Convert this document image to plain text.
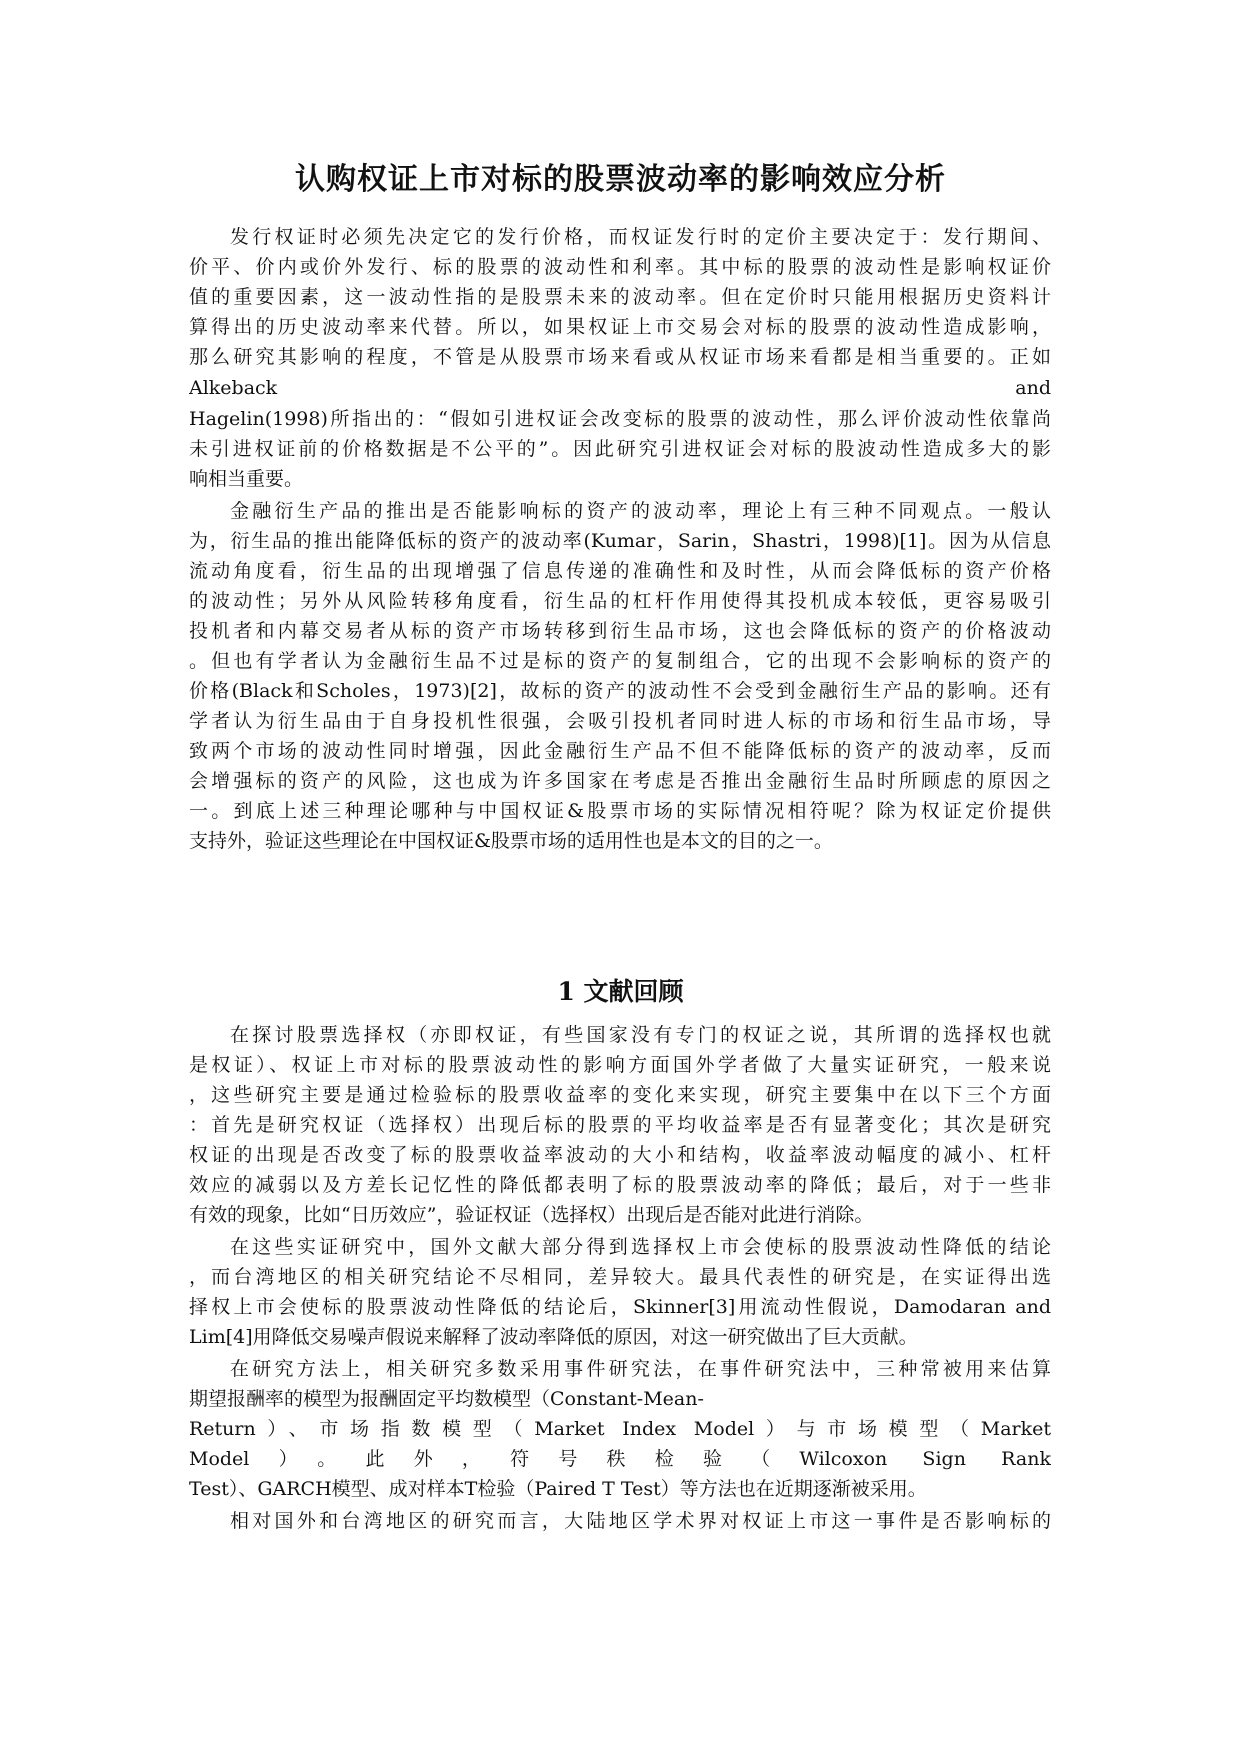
认购权证上市对标的股票波动率的影响效应分析
发行权证时必须先决定它的发行价格，而权证发行时的定价主要决定于：发行期间、
价平、价内或价外发行、标的股票的波动性和利率。其中标的股票的波动性是影响权证价
值的重要因素，这一波动性指的是股票未来的波动率。但在定价时只能用根据历史资料计
算得出的历史波动率来代替。所以，如果权证上市交易会对标的股票的波动性造成影响，
那么研究其影响的程度，不管是从股票市场来看或从权证市场来看都是相当重要的。正如
Alkeback	and
Hagelin(1998)所指出的：“假如引进权证会改变标的股票的波动性，那么评价波动性依靠尚
未引进权证前的价格数据是不公平的”。因此研究引进权证会对标的股波动性造成多大的影
响相当重要。
金融衍生产品的推出是否能影响标的资产的波动率，理论上有三种不同观点。一般认
为，衍生品的推出能降低标的资产的波动率(Kumar，Sarin，Shastri，1998)[1]。因为从信息
流动角度看，衍生品的出现增强了信息传递的准确性和及时性，从而会降低标的资产价格
的波动性；另外从风险转移角度看，衍生品的杠杆作用使得其投机成本较低，更容易吸引
投机者和内幕交易者从标的资产市场转移到衍生品市场，这也会降低标的资产的价格波动
。但也有学者认为金融衍生品不过是标的资产的复制组合，它的出现不会影响标的资产的
价格(Black和Scholes，1973)[2]，故标的资产的波动性不会受到金融衍生产品的影响。还有
学者认为衍生品由于自身投机性很强，会吸引投机者同时进人标的市场和衍生品市场，导
致两个市场的波动性同时增强，因此金融衍生产品不但不能降低标的资产的波动率，反而
会增强标的资产的风险，这也成为许多国家在考虑是否推出金融衍生品时所顾虑的原因之
一。到底上述三种理论哪种与中国权证&股票市场的实际情况相符呢？除为权证定价提供
支持外，验证这些理论在中国权证&股票市场的适用性也是本文的目的之一。
1 文献回顾
在探讨股票选择权（亦即权证，有些国家没有专门的权证之说，其所谓的选择权也就
是权证）、权证上市对标的股票波动性的影响方面国外学者做了大量实证研究，一般来说
，这些研究主要是通过检验标的股票收益率的变化来实现，研究主要集中在以下三个方面
：首先是研究权证（选择权）出现后标的股票的平均收益率是否有显著变化；其次是研究
权证的出现是否改变了标的股票收益率波动的大小和结构，收益率波动幅度的减小、杠杆
效应的减弱以及方差长记忆性的降低都表明了标的股票波动率的降低；最后，对于一些非
有效的现象，比如“日历效应”，验证权证（选择权）出现后是否能对此进行消除。
在这些实证研究中，国外文献大部分得到选择权上市会使标的股票波动性降低的结论
，而台湾地区的相关研究结论不尽相同，差异较大。最具代表性的研究是，在实证得出选
择权上市会使标的股票波动性降低的结论后，Skinner[3]用流动性假说，Damodaran and
Lim[4]用降低交易噪声假说来解释了波动率降低的原因，对这一研究做出了巨大贡献。
在研究方法上，相关研究多数采用事件研究法，在事件研究法中，三种常被用来估算
期望报酬率的模型为报酬固定平均数模型（Constant-Mean-
Return）、市场指数模型（Market Index Model）与市场模型（Market
Model）。此外，符号秩检验（Wilcoxon Sign Rank
Test）、GARCH模型、成对样本T检验（Paired T Test）等方法也在近期逐渐被采用。
相对国外和台湾地区的研究而言，大陆地区学术界对权证上市这一事件是否影响标的
